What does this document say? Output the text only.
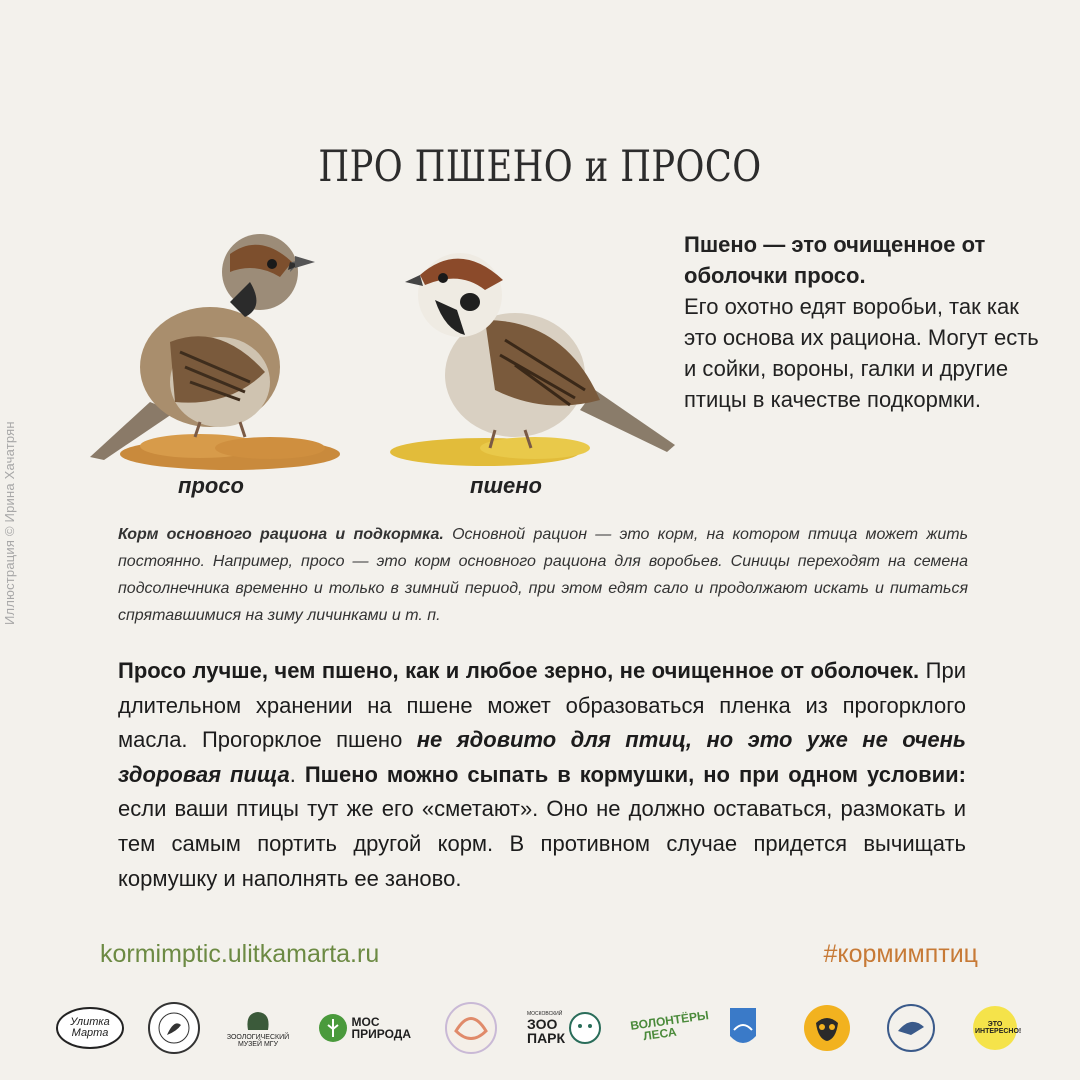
Иллюстрация © Ирина Хачатрян
ПРО ПШЕНО и ПРОСО
просо	пшено
Пшено — это очищенное от оболочки просо.
Его охотно едят воробьи, так как это основа их рациона. Могут есть и сойки, вороны, галки и другие птицы в качестве подкормки.
Корм основного рациона и подкормка. Основной рацион — это корм, на котором птица может жить постоянно. Например, просо — это корм основного рациона для воробьев. Синицы переходят на семена подсолнечника временно и только в зимний период, при этом едят сало и продолжают искать и питаться спрятавшимися на зиму личинками и т. п.
Просо лучше, чем пшено, как и любое зерно, не очищенное от оболочек. При длительном хранении на пшене может образоваться пленка из прогорклого масла. Прогорклое пшено не ядовито для птиц, но это уже не очень здоровая пища. Пшено можно сыпать в кормушки, но при одном условии: если ваши птицы тут же его «сметают». Оно не должно оставаться, размокать и тем самым портить другой корм. В противном случае придется вычищать кормушку и наполнять ее заново.
kormimptic.ulitkamarta.ru	#кормимптиц
Улитка Марта	ЗООЛОГИЧЕСКИЙ МУЗЕЙ МГУ
МОС ПРИРОДА
МОСКОВСКИЙ
ЗОО ПАРК
ВОЛОНТЁРЫ ЛЕСА
ЭТО ИНТЕРЕСНО!
